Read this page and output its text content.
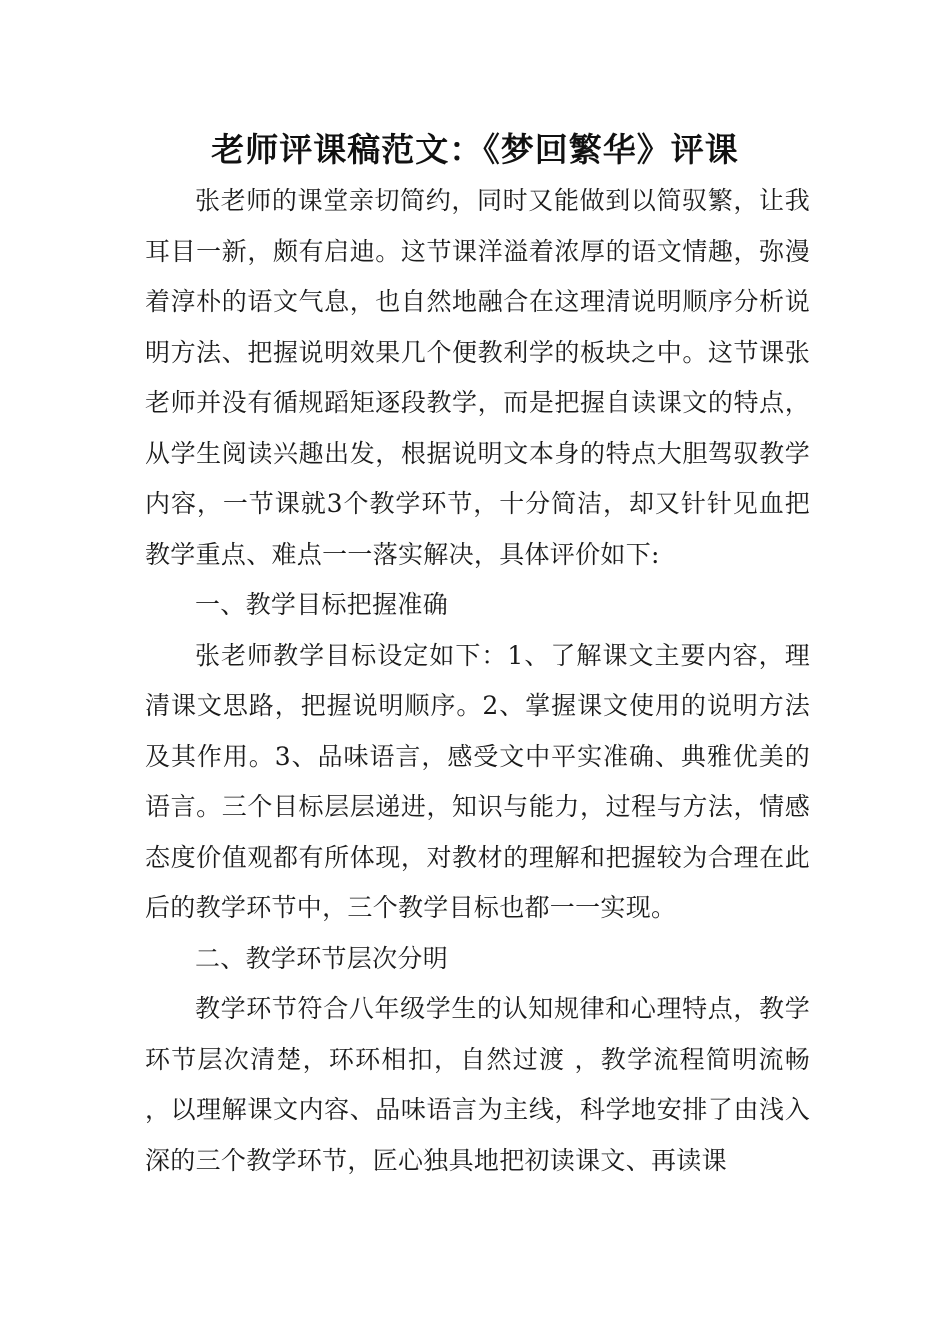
老师评课稿范文：《梦回繁华》评课

张老师的课堂亲切简约，同时又能做到以简驭繁，让我耳目一新，颇有启迪。这节课洋溢着浓厚的语文情趣，弥漫着淳朴的语文气息，也自然地融合在这理清说明顺序分析说明方法、把握说明效果几个便教利学的板块之中。这节课张老师并没有循规蹈矩逐段教学，而是把握自读课文的特点，从学生阅读兴趣出发，根据说明文本身的特点大胆驾驭教学内容，一节课就3个教学环节，十分简洁，却又针针见血把教学重点、难点一一落实解决，具体评价如下:

一、教学目标把握准确

张老师教学目标设定如下：1、了解课文主要内容，理清课文思路，把握说明顺序。2、掌握课文使用的说明方法及其作用。3、品味语言，感受文中平实准确、典雅优美的语言。三个目标层层递进，知识与能力，过程与方法，情感态度价值观都有所体现，对教材的理解和把握较为合理在此后的教学环节中，三个教学目标也都一一实现。

二、教学环节层次分明

教学环节符合八年级学生的认知规律和心理特点，教学环节层次清楚，环环相扣，自然过渡 ，教学流程简明流畅，以理解课文内容、品味语言为主线，科学地安排了由浅入深的三个教学环节，匠心独具地把初读课文、再读课
